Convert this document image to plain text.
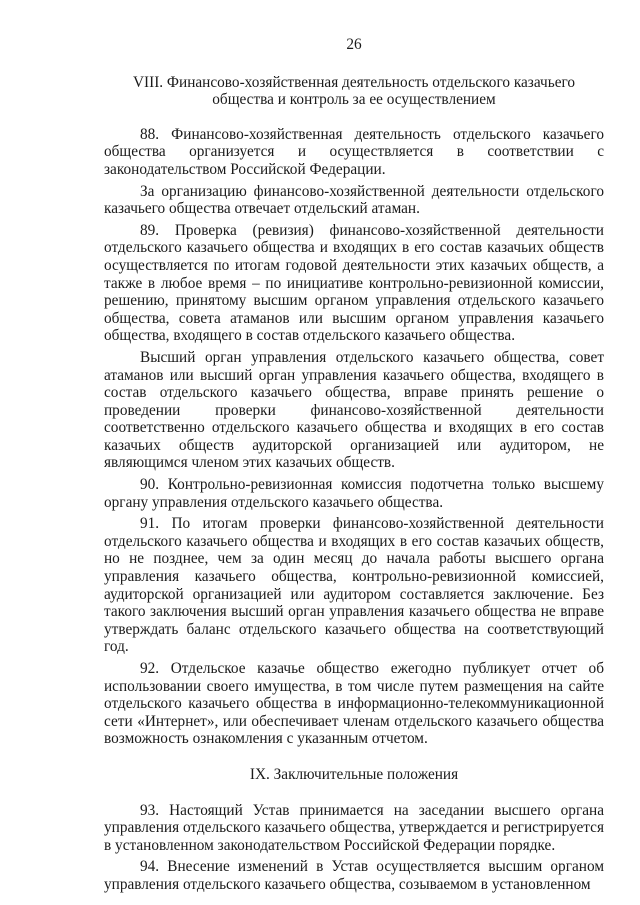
26
VIII. Финансово-хозяйственная деятельность отдельского казачьего
общества и контроль за ее осуществлением

88. Финансово-хозяйственная деятельность отдельского казачьего общества организуется и осуществляется в соответствии с законодательством Российской Федерации.

За организацию финансово-хозяйственной деятельности отдельского казачьего общества отвечает отдельский атаман.

89. Проверка (ревизия) финансово-хозяйственной деятельности отдельского казачьего общества и входящих в его состав казачьих обществ осуществляется по итогам годовой деятельности этих казачьих обществ, а также в любое время – по инициативе контрольно-ревизионной комиссии, решению, принятому высшим органом управления отдельского казачьего общества, совета атаманов или высшим органом управления казачьего общества, входящего в состав отдельского казачьего общества.

Высший орган управления отдельского казачьего общества, совет атаманов или высший орган управления казачьего общества, входящего в состав отдельского казачьего общества, вправе принять решение о проведении проверки финансово-хозяйственной деятельности соответственно отдельского казачьего общества и входящих в его состав казачьих обществ аудиторской организацией или аудитором, не являющимся членом этих казачьих обществ.

90. Контрольно-ревизионная комиссия подотчетна только высшему органу управления отдельского казачьего общества.

91. По итогам проверки финансово-хозяйственной деятельности отдельского казачьего общества и входящих в его состав казачьих обществ, но не позднее, чем за один месяц до начала работы высшего органа управления казачьего общества, контрольно-ревизионной комиссией, аудиторской организацией или аудитором составляется заключение. Без такого заключения высший орган управления казачьего общества не вправе утверждать баланс отдельского казачьего общества на соответствующий год.

92. Отдельское казачье общество ежегодно публикует отчет об использовании своего имущества, в том числе путем размещения на сайте отдельского казачьего общества в информационно-телекоммуникационной сети «Интернет», или обеспечивает членам отдельского казачьего общества возможность ознакомления с указанным отчетом.

IX. Заключительные положения

93. Настоящий Устав принимается на заседании высшего органа управления отдельского казачьего общества, утверждается и регистрируется в установленном законодательством Российской Федерации порядке.

94. Внесение изменений в Устав осуществляется высшим органом управления отдельского казачьего общества, созываемом в установленном
